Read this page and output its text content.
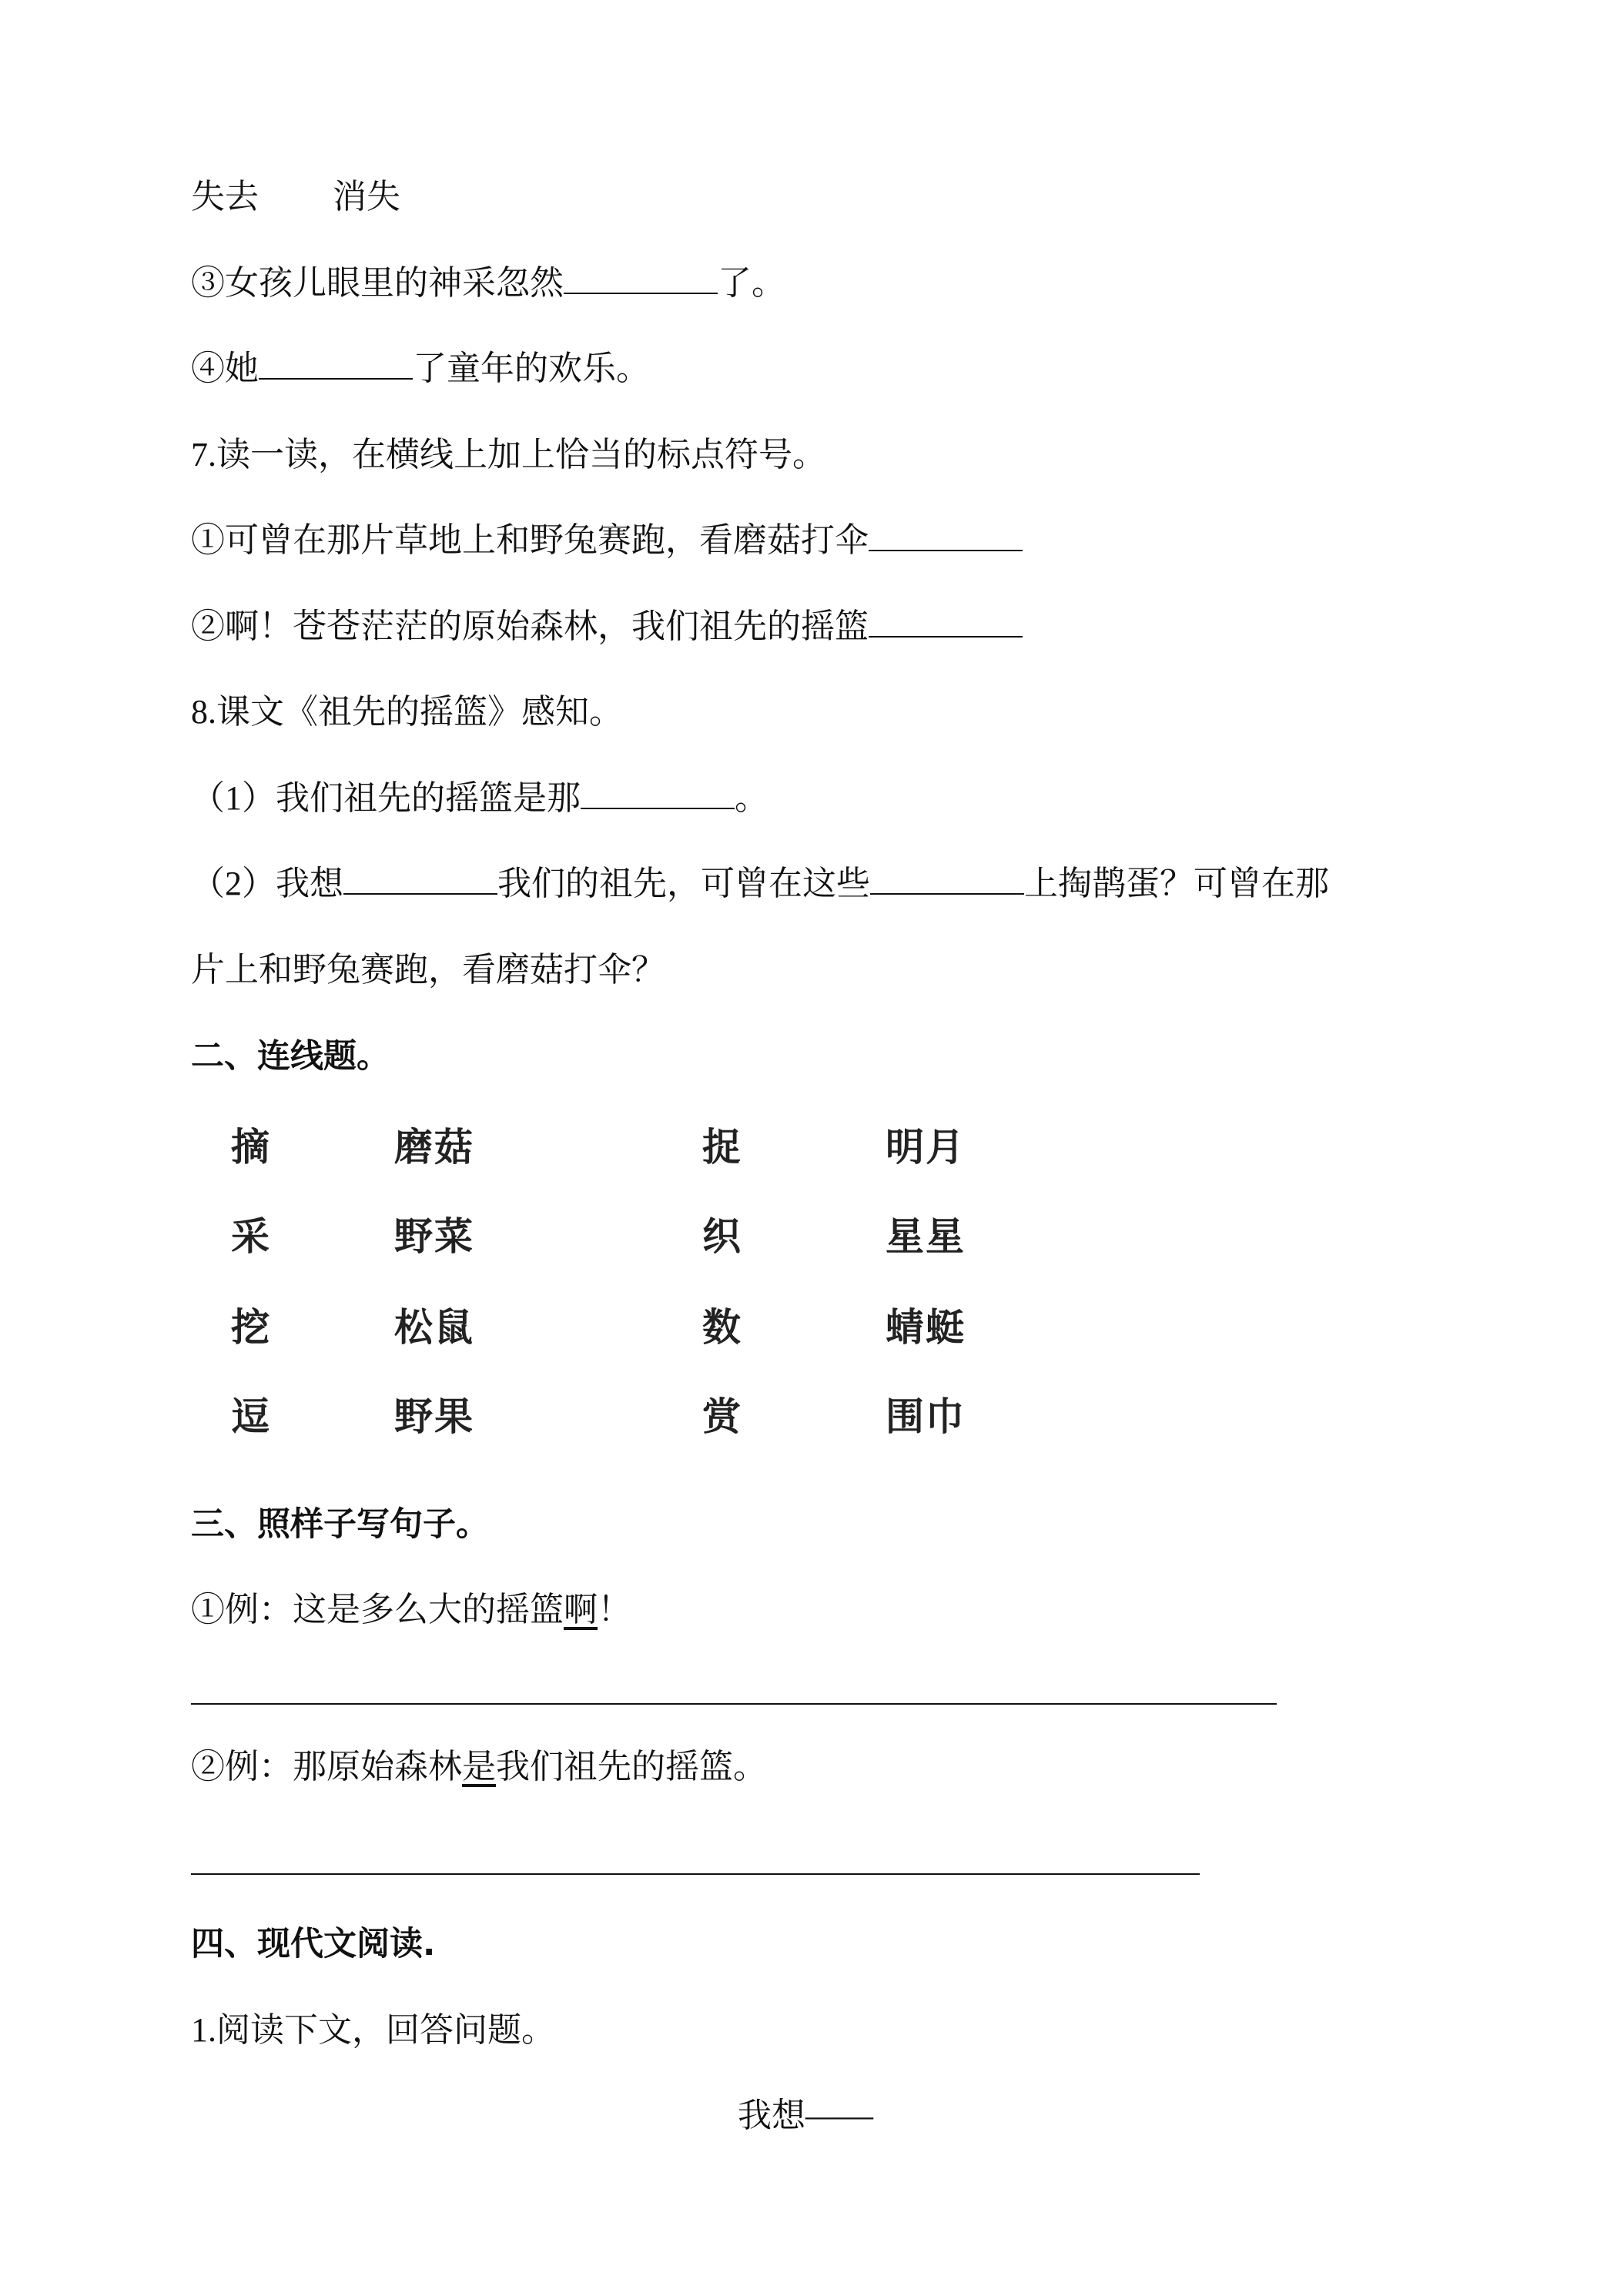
失去 消失
③女孩儿眼里的神采忽然	了。
④她	了童年的欢乐。
7.读一读，在横线上加上恰当的标点符号。
①可曾在那片草地上和野兔赛跑，看磨菇打伞
②啊！苍苍茫茫的原始森林，我们祖先的摇篮
8.课文《祖先的摇篮》感知。
（1）我们祖先的摇篮是那	。
（2）我想	我们的祖先，可曾在这些	上掏鹊蛋？可曾在那
片上和野兔赛跑，看磨菇打伞？
二、连线题。
摘	磨菇	捉	明月
采	野菜	织	星星
挖	松鼠	数	蜻蜓
逗	野果	赏	围巾
三、照样子写句子。
①例：这是多么大的摇篮啊！
②例：那原始森林是我们祖先的摇篮。
四、现代文阅读.
1.阅读下文，回答问题。
我想——
